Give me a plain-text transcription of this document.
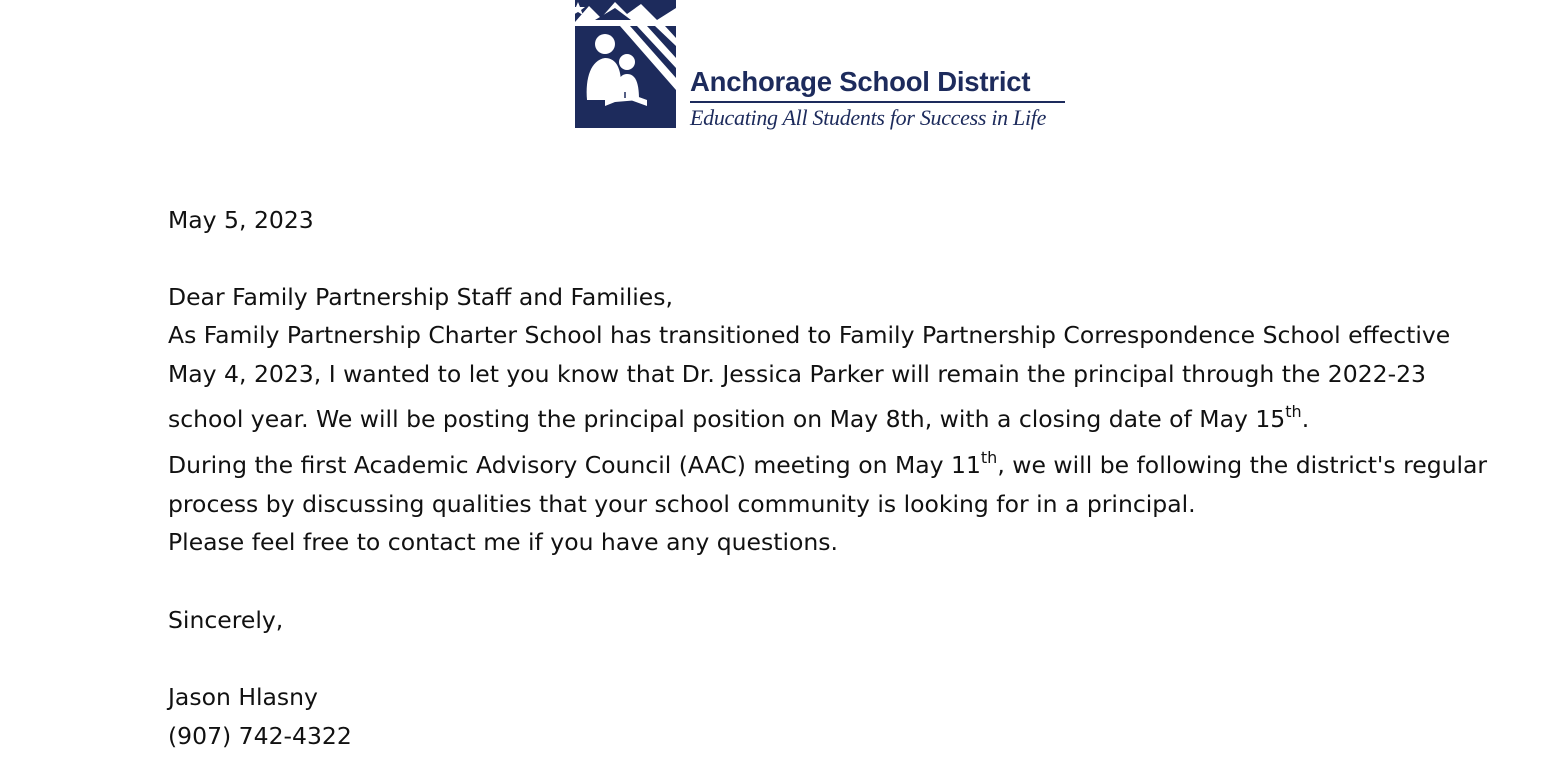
Anchorage School District
Educating All Students for Success in Life
May 5, 2023
Dear Family Partnership Staff and Families,
As Family Partnership Charter School has transitioned to Family Partnership Correspondence School effective
May 4, 2023, I wanted to let you know that Dr. Jessica Parker will remain the principal through the 2022-23
school year. We will be posting the principal position on May 8th, with a closing date of May 15th.
During the first Academic Advisory Council (AAC) meeting on May 11th, we will be following the district's regular
process by discussing qualities that your school community is looking for in a principal.
Please feel free to contact me if you have any questions.
Sincerely,
Jason Hlasny
(907) 742-4322
